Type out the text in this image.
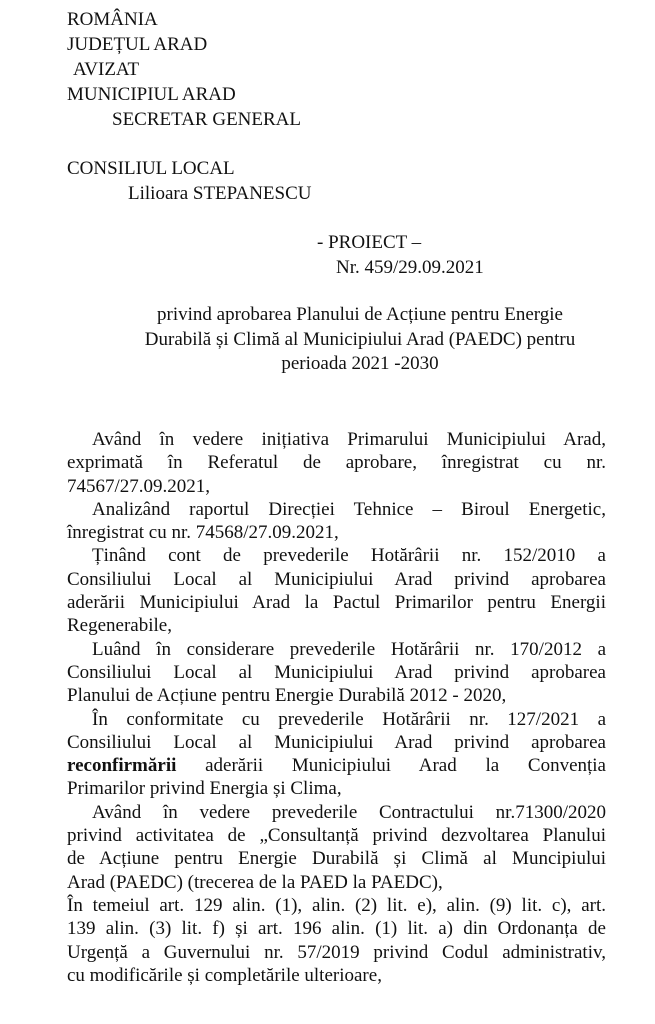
ROMÂNIA
JUDEȚUL ARAD
AVIZAT
MUNICIPIUL ARAD
SECRETAR GENERAL
CONSILIUL LOCAL
Lilioara STEPANESCU
- PROIECT –
Nr. 459/29.09.2021
privind aprobarea Planului de Acțiune pentru Energie
Durabilă și Climă al Municipiului Arad (PAEDC) pentru
perioada 2021 -2030
Având în vedere inițiativa Primarului Municipiului Arad,
exprimată în Referatul de aprobare, înregistrat cu nr.
74567/27.09.2021,
Analizând raportul Direcției Tehnice – Biroul Energetic,
înregistrat cu nr. 74568/27.09.2021,
Ținând cont de prevederile Hotărârii nr. 152/2010 a
Consiliului Local al Municipiului Arad privind aprobarea
aderării Municipiului Arad la Pactul Primarilor pentru Energii
Regenerabile,
Luând în considerare prevederile Hotărârii nr. 170/2012 a
Consiliului Local al Municipiului Arad privind aprobarea
Planului de Acțiune pentru Energie Durabilă 2012 - 2020,
În conformitate cu prevederile Hotărârii nr. 127/2021 a
Consiliului Local al Municipiului Arad privind aprobarea
reconfirmării aderării Municipiului Arad la Convenția
Primarilor privind Energia și Clima,
Având în vedere prevederile Contractului nr.71300/2020
privind activitatea de „Consultanță privind dezvoltarea Planului
de Acțiune pentru Energie Durabilă și Climă al Muncipiului
Arad (PAEDC) (trecerea de la PAED la PAEDC),
În temeiul art. 129 alin. (1), alin. (2) lit. e), alin. (9) lit. c), art.
139 alin. (3) lit. f) și art. 196 alin. (1) lit. a) din Ordonanța de
Urgență a Guvernului nr. 57/2019 privind Codul administrativ,
cu modificările și completările ulterioare,
